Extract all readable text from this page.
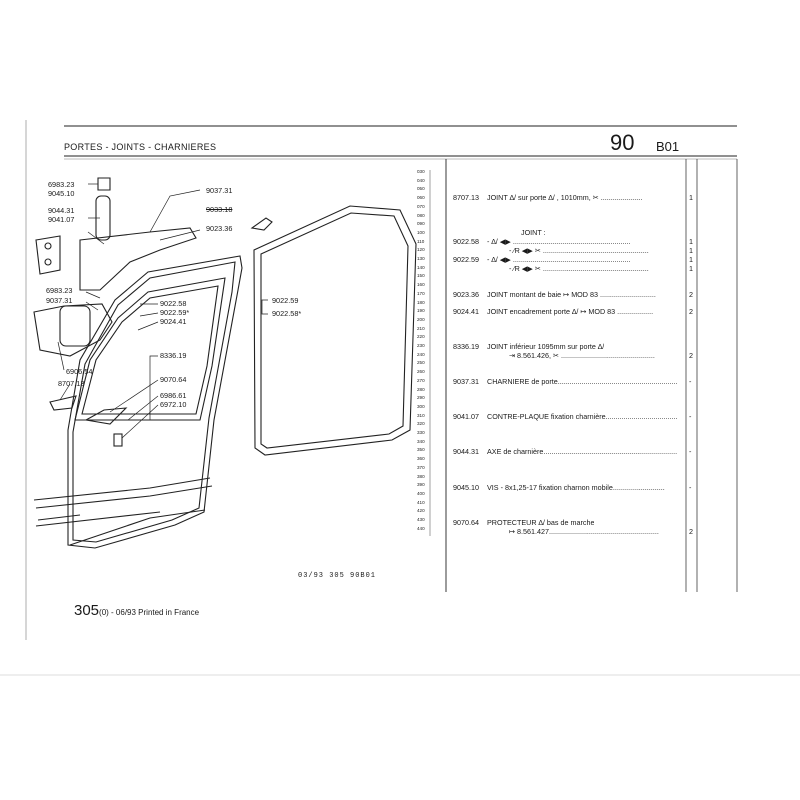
PORTES - JOINTS - CHARNIERES	90 B01
6983.23
9045.10
9044.31
9041.07
6983.23
9037.31
6906.54
8707.13
9037.31
9033.18
9023.36
9022.58
9022.59*
9024.41
8336.19
9070.64
6986.61
6972.10
9022.59
9022.58*
030
040
050
060
070
080
090
100
110
120
130
140
150
160
170
180
190
200
210
220
230
240
250
260
270
280
290
300
310
320
330
340
350
360
370
380
390
400
410
420
430
440
8707.13 JOINT ∆/ sur porte ∆/ , 1010mm, ✂ .....................	1
JOINT :
9022.58 - ∆/ ◀▶ ...........................................................	1
- ⁄R ◀▶ ✂ .....................................................	1
9022.59 - ∆/ ◀▶ ...........................................................	1
- ⁄R ◀▶ ✂ .....................................................	1
9023.36 JOINT montant de baie ↦ MOD 83 ............................	2
9024.41 JOINT encadrement porte ∆/ ↦ MOD 83 ..................	2
8336.19 JOINT inférieur 1095mm sur porte ∆/
⇥ 8.561.426, ✂ ...............................................	2
9037.31 CHARNIERE de porte............................................................ -
9041.07 CONTRE-PLAQUE fixation charnière.................................... -
9044.31 AXE de charnière................................................................... -
9045.10 VIS - 8x1,25-17 fixation charnon mobile..........................	-
9070.64 PROTECTEUR ∆/ bas de marche
↦ 8.561.427.......................................................	2
03/93 305 90B01
305(0) - 06/93 Printed in France
